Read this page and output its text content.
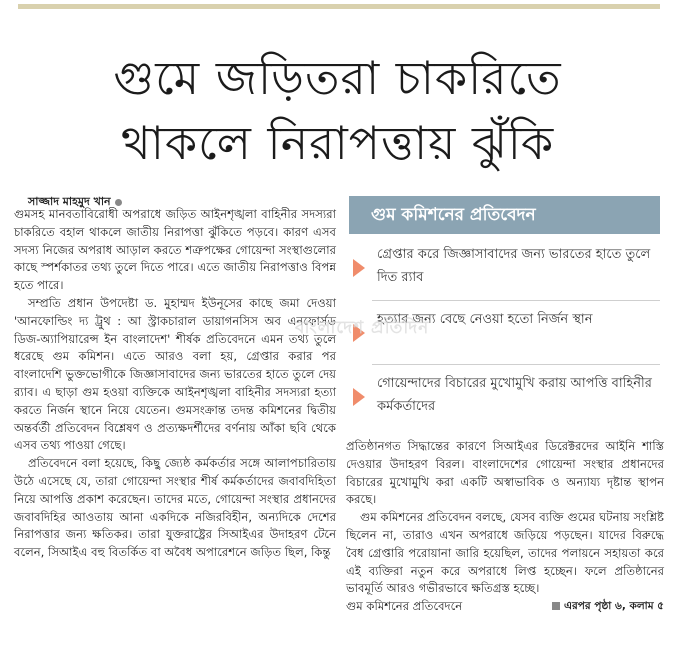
গুমে জড়িতরা চাকরিতে
থাকলে নিরাপত্তায় ঝুঁকি
সাজ্জাদ মাহমুদ খান

গুমসহ মানবতাবিরোধী অপরাধে জড়িত আইনশৃঙ্খলা বাহিনীর সদস্যরা চাকরিতে বহাল থাকলে জাতীয় নিরাপত্তা ঝুঁকিতে পড়বে। কারণ এসব সদস্য নিজের অপরাধ আড়াল করতে শত্রুপক্ষের গোয়েন্দা সংস্থাগুলোর কাছে স্পর্শকাতর তথ্য তুলে দিতে পারে। এতে জাতীয় নিরাপত্তাও বিপন্ন হতে পারে।

সম্প্রতি প্রধান উপদেষ্টা ড. মুহাম্মদ ইউনূসের কাছে জমা দেওয়া 'আনফোল্ডিং দ্য ট্রুথ : আ স্ট্রাকচারাল ডায়াগনসিস অব এনফোর্সড ডিজ-অ্যাপিয়ারেন্স ইন বাংলাদেশ' শীর্ষক প্রতিবেদনে এমন তথ্য তুলে ধরেছে গুম কমিশন। এতে আরও বলা হয়, গ্রেপ্তার করার পর বাংলাদেশি ভুক্তভোগীকে জিজ্ঞাসাবাদের জন্য ভারতের হাতে তুলে দেয় র‍্যাব। এ ছাড়া গুম হওয়া ব্যক্তিকে আইনশৃঙ্খলা বাহিনীর সদস্যরা হত্যা করতে নির্জন স্থানে নিয়ে যেতেন। গুমসংক্রান্ত তদন্ত কমিশনের দ্বিতীয় অন্তর্বর্তী প্রতিবেদন বিশ্লেষণ ও প্রত্যক্ষদর্শীদের বর্ণনায় আঁকা ছবি থেকে এসব তথ্য পাওয়া গেছে।

প্রতিবেদনে বলা হয়েছে, কিছু জ্যেষ্ঠ কর্মকর্তার সঙ্গে আলাপচারিতায় উঠে এসেছে যে, তারা গোয়েন্দা সংস্থার শীর্ষ কর্মকর্তাদের জবাবদিহিতা নিয়ে আপত্তি প্রকাশ করেছেন। তাদের মতে, গোয়েন্দা সংস্থার প্রধানদের জবাবদিহির আওতায় আনা একদিকে নজিরবিহীন, অন্যদিকে দেশের নিরাপত্তার জন্য ক্ষতিকর। তারা যুক্তরাষ্ট্রের সিআইএর উদাহরণ টেনে বলেন, সিআইএ বহু বিতর্কিত বা অবৈধ অপারেশনে জড়িত ছিল, কিন্তু

গুম কমিশনের প্রতিবেদন
গ্রেপ্তার করে জিজ্ঞাসাবাদের জন্য ভারতের হাতে তুলে দিত র‍্যাব
হত্যার জন্য বেছে নেওয়া হতো নির্জন স্থান
গোয়েন্দাদের বিচারের মুখোমুখি করায় আপত্তি বাহিনীর কর্মকর্তাদের

প্রতিষ্ঠানগত সিদ্ধান্তের কারণে সিআইএর ডিরেক্টরদের আইনি শাস্তি দেওয়ার উদাহরণ বিরল। বাংলাদেশের গোয়েন্দা সংস্থার প্রধানদের বিচারের মুখোমুখি করা একটি অস্বাভাবিক ও অন্যায্য দৃষ্টান্ত স্থাপন করছে।

গুম কমিশনের প্রতিবেদন বলছে, যেসব ব্যক্তি গুমের ঘটনায় সংশ্লিষ্ট ছিলেন না, তারাও এখন অপরাধে জড়িয়ে পড়ছেন। যাদের বিরুদ্ধে বৈধ গ্রেপ্তারি পরোয়ানা জারি হয়েছিল, তাদের পলায়নে সহায়তা করে এই ব্যক্তিরা নতুন করে অপরাধে লিপ্ত হচ্ছেন। ফলে প্রতিষ্ঠানের ভাবমূর্তি আরও গভীরভাবে ক্ষতিগ্রস্ত হচ্ছে।

গুম কমিশনের প্রতিবেদনে	এরপর পৃষ্ঠা ৬, কলাম ৫

বাংলাদেশ প্রতিদিন
